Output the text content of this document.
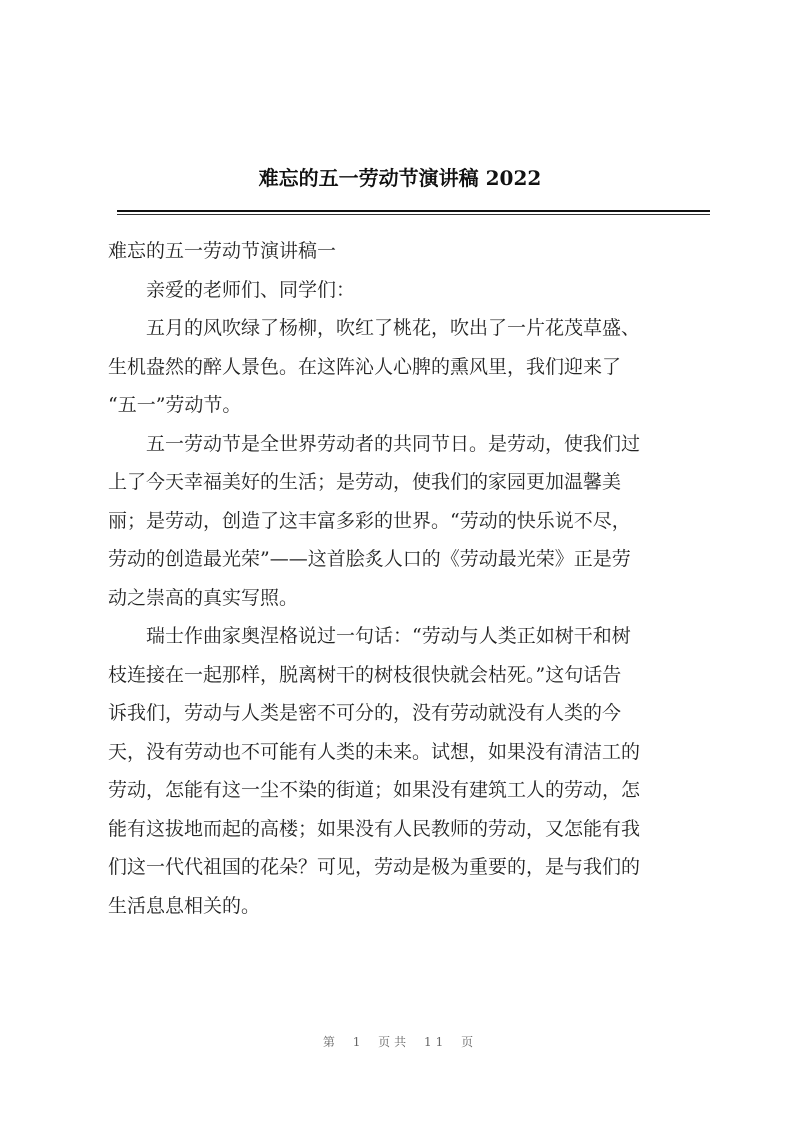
难忘的五一劳动节演讲稿 2022

难忘的五一劳动节演讲稿一

亲爱的老师们、同学们：

五月的风吹绿了杨柳，吹红了桃花，吹出了一片花茂草盛、

生机盎然的醉人景色。在这阵沁人心脾的熏风里，我们迎来了

“五一”劳动节。

五一劳动节是全世界劳动者的共同节日。是劳动，使我们过

上了今天幸福美好的生活；是劳动，使我们的家园更加温馨美

丽；是劳动，创造了这丰富多彩的世界。“劳动的快乐说不尽，

劳动的创造最光荣”——这首脍炙人口的《劳动最光荣》正是劳

动之崇高的真实写照。

瑞士作曲家奥涅格说过一句话：“劳动与人类正如树干和树

枝连接在一起那样，脱离树干的树枝很快就会枯死。”这句话告

诉我们，劳动与人类是密不可分的，没有劳动就没有人类的今

天，没有劳动也不可能有人类的未来。试想，如果没有清洁工的

劳动，怎能有这一尘不染的街道；如果没有建筑工人的劳动，怎

能有这拔地而起的高楼；如果没有人民教师的劳动，又怎能有我

们这一代代祖国的花朵？可见，劳动是极为重要的，是与我们的

生活息息相关的。

第 1 页共 11 页
